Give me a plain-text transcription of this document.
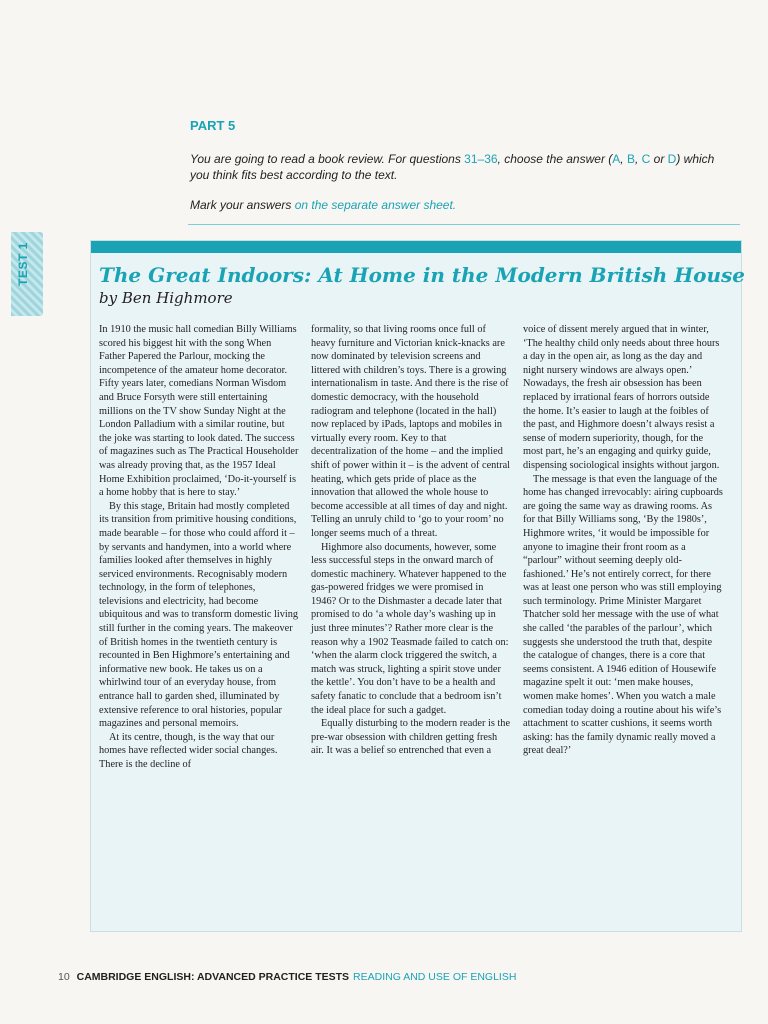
PART 5
You are going to read a book review. For questions 31–36, choose the answer (A, B, C or D) which you think fits best according to the text.
Mark your answers on the separate answer sheet.
TEST 1	The Great Indoors: At Home in the Modern British House
by Ben Highmore

In 1910 the music hall comedian Billy Williams scored his biggest hit with the song When Father Papered the Parlour, mocking the incompetence of the amateur home decorator. Fifty years later, comedians Norman Wisdom and Bruce Forsyth were still entertaining millions on the TV show Sunday Night at the London Palladium with a similar routine, but the joke was starting to look dated. The success of magazines such as The Practical Householder was already proving that, as the 1957 Ideal Home Exhibition proclaimed, ‘Do-it-yourself is a home hobby that is here to stay.’

By this stage, Britain had mostly completed its transition from primitive housing conditions, made bearable – for those who could afford it – by servants and handymen, into a world where families looked after themselves in highly serviced environments. Recognisably modern technology, in the form of telephones, televisions and electricity, had become ubiquitous and was to transform domestic living still further in the coming years. The makeover of British homes in the twentieth century is recounted in Ben Highmore’s entertaining and informative new book. He takes us on a whirlwind tour of an everyday house, from entrance hall to garden shed, illuminated by extensive reference to oral histories, popular magazines and personal memoirs.

At its centre, though, is the way that our homes have reflected wider social changes. There is the decline of

formality, so that living rooms once full of heavy furniture and Victorian knick-knacks are now dominated by television screens and littered with children’s toys. There is a growing internationalism in taste. And there is the rise of domestic democracy, with the household radiogram and telephone (located in the hall) now replaced by iPads, laptops and mobiles in virtually every room. Key to that decentralization of the home – and the implied shift of power within it – is the advent of central heating, which gets pride of place as the innovation that allowed the whole house to become accessible at all times of day and night. Telling an unruly child to ‘go to your room’ no longer seems much of a threat.

Highmore also documents, however, some less successful steps in the onward march of domestic machinery. Whatever happened to the gas-powered fridges we were promised in 1946? Or to the Dishmaster a decade later that promised to do ‘a whole day’s washing up in just three minutes’? Rather more clear is the reason why a 1902 Teasmade failed to catch on: ‘when the alarm clock triggered the switch, a match was struck, lighting a spirit stove under the kettle’. You don’t have to be a health and safety fanatic to conclude that a bedroom isn’t the ideal place for such a gadget.

Equally disturbing to the modern reader is the pre-war obsession with children getting fresh air. It was a belief so entrenched that even a

voice of dissent merely argued that in winter, ‘The healthy child only needs about three hours a day in the open air, as long as the day and night nursery windows are always open.’ Nowadays, the fresh air obsession has been replaced by irrational fears of horrors outside the home. It’s easier to laugh at the foibles of the past, and Highmore doesn’t always resist a sense of modern superiority, though, for the most part, he’s an engaging and quirky guide, dispensing sociological insights without jargon.

The message is that even the language of the home has changed irrevocably: airing cupboards are going the same way as drawing rooms. As for that Billy Williams song, ‘By the 1980s’, Highmore writes, ‘it would be impossible for anyone to imagine their front room as a “parlour” without seeming deeply old-fashioned.’ He’s not entirely correct, for there was at least one person who was still employing such terminology. Prime Minister Margaret Thatcher sold her message with the use of what she called ‘the parables of the parlour’, which suggests she understood the truth that, despite the catalogue of changes, there is a core that seems consistent. A 1946 edition of Housewife magazine spelt it out: ‘men make houses, women make homes’. When you watch a male comedian today doing a routine about his wife’s attachment to scatter cushions, it seems worth asking: has the family dynamic really moved a great deal?’

10 CAMBRIDGE ENGLISH: ADVANCED PRACTICE TESTS READING AND USE OF ENGLISH
